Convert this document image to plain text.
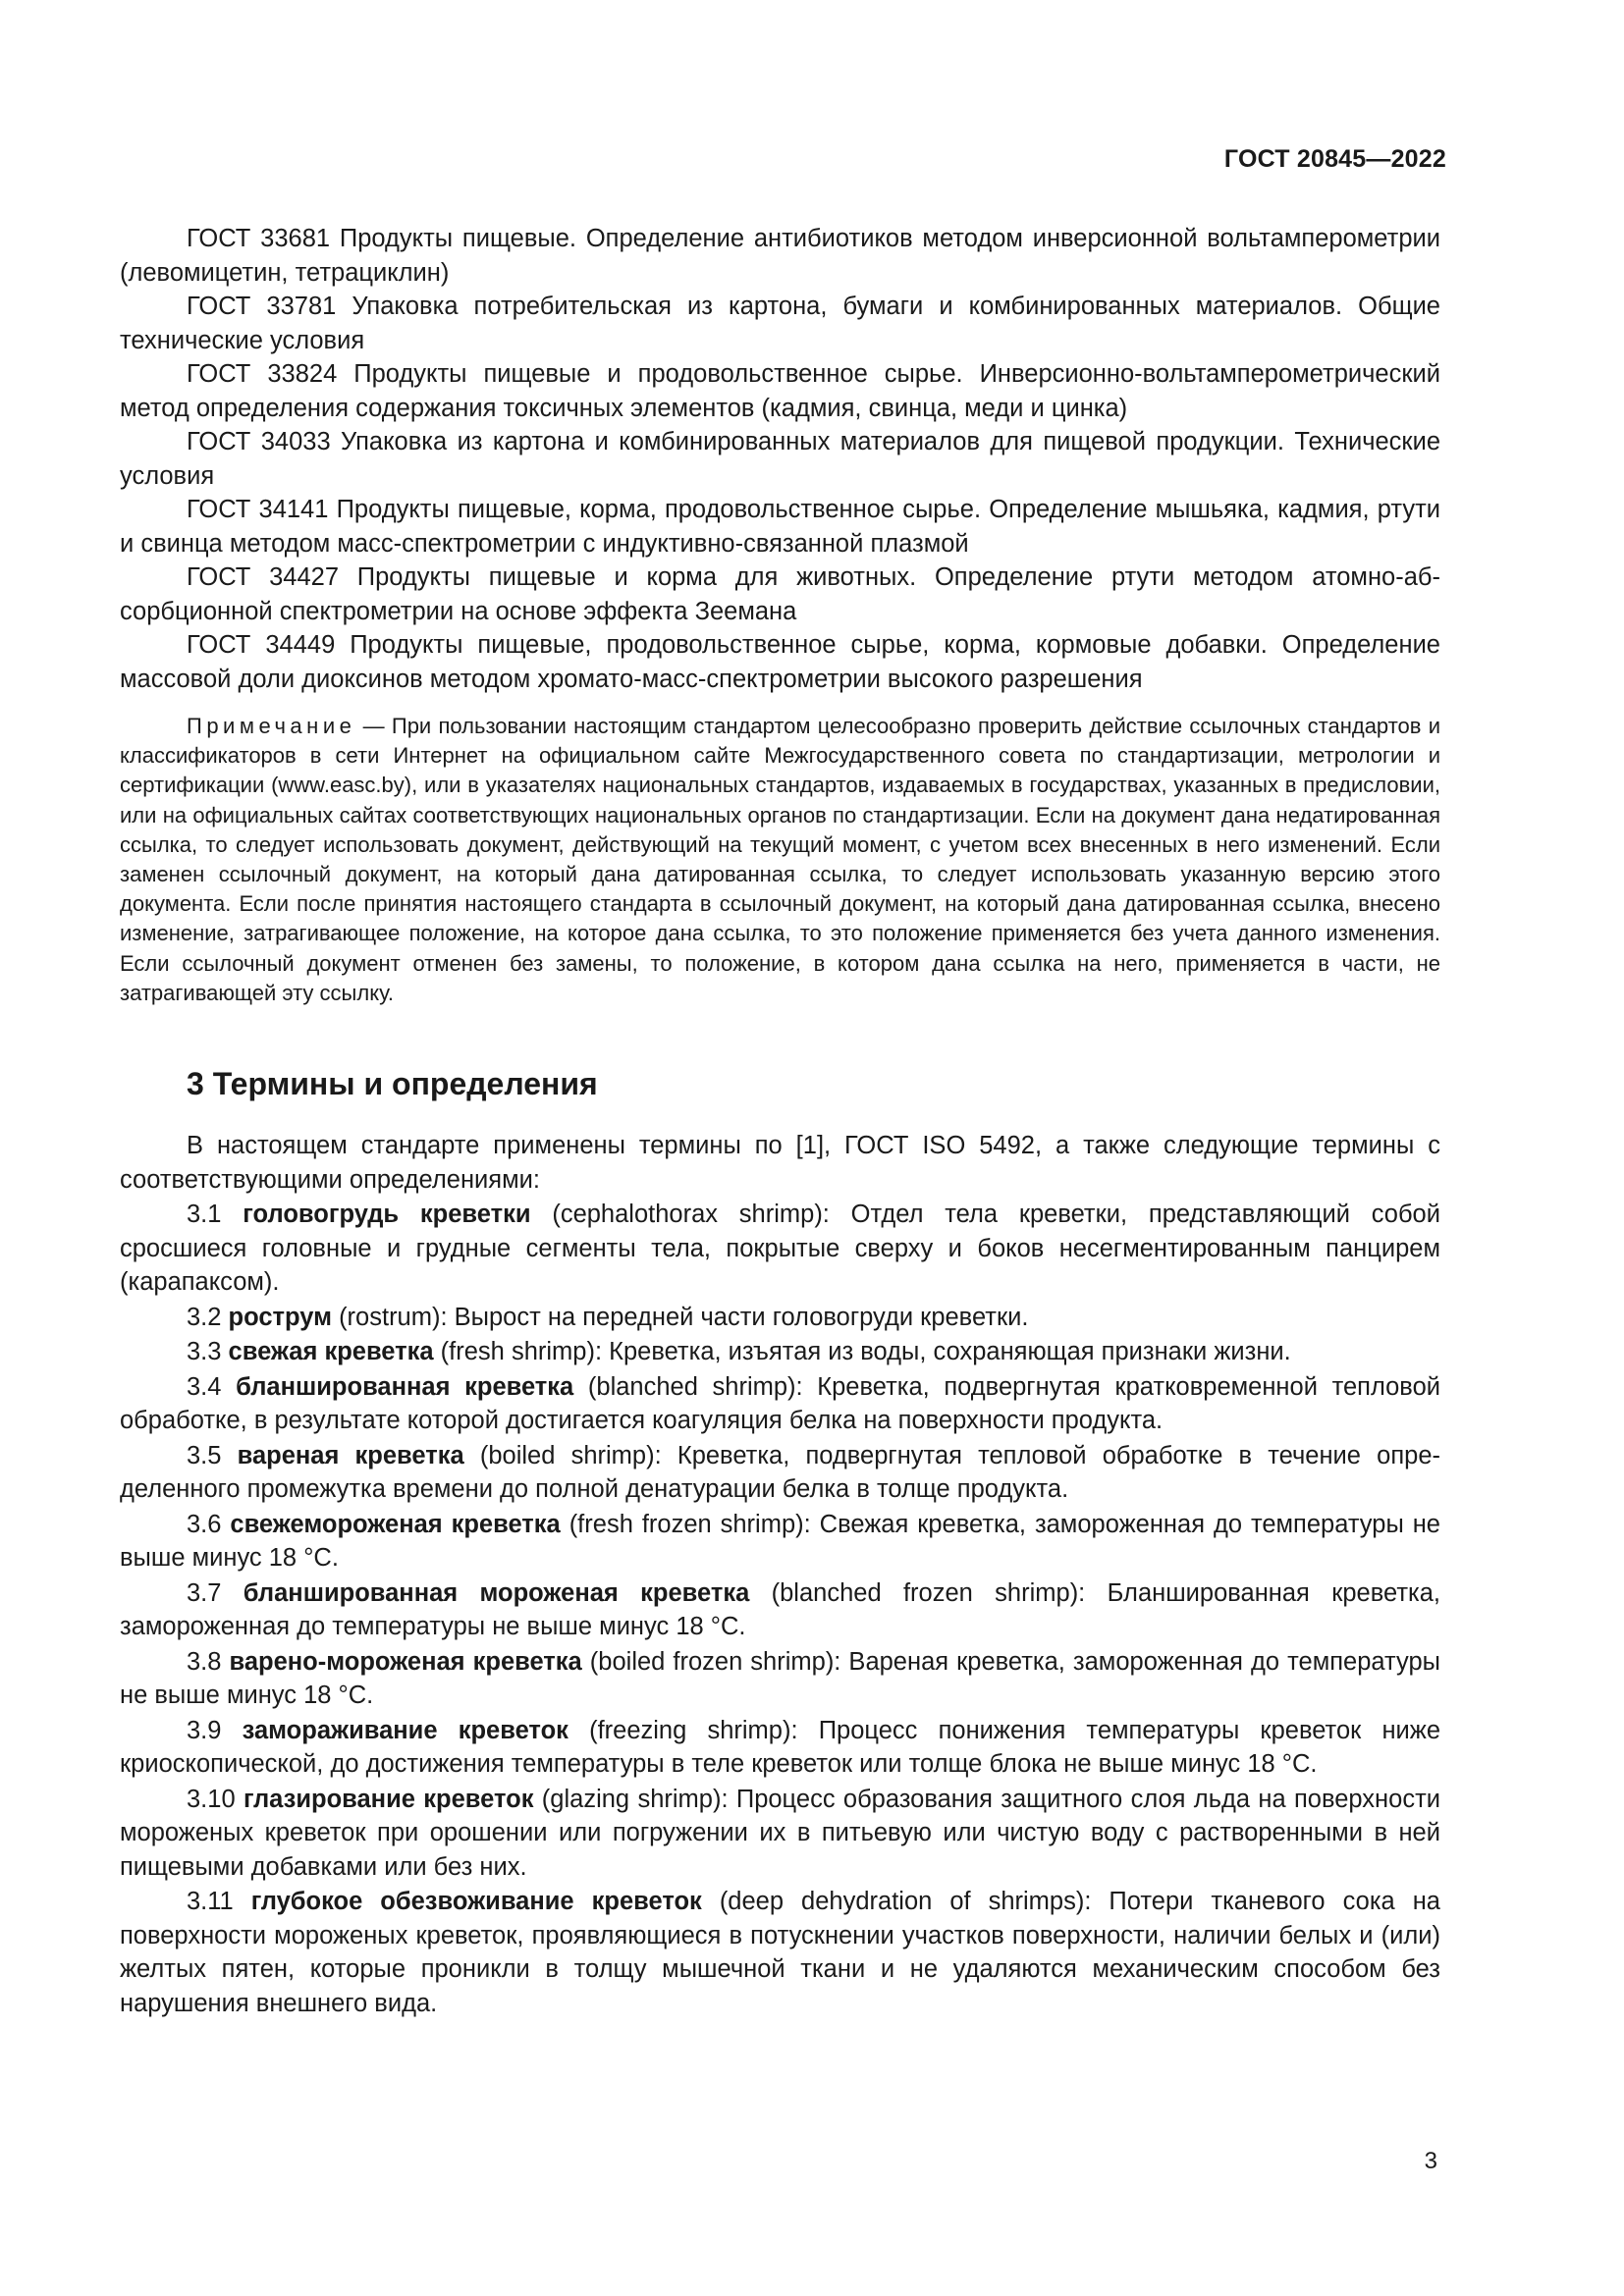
ГОСТ 20845—2022

ГОСТ 33681 Продукты пищевые. Определение антибиотиков методом инверсионной вольтамперометрии (левомицетин, тетрациклин)

ГОСТ 33781 Упаковка потребительская из картона, бумаги и комбинированных материалов. Общие технические условия

ГОСТ 33824 Продукты пищевые и продовольственное сырье. Инверсионно-вольтамперометрический метод определения содержания токсичных элементов (кадмия, свинца, меди и цинка)

ГОСТ 34033 Упаковка из картона и комбинированных материалов для пищевой продукции. Технические условия

ГОСТ 34141 Продукты пищевые, корма, продовольственное сырье. Определение мышьяка, кадмия, ртути и свинца методом масс-спектрометрии с индуктивно-связанной плазмой

ГОСТ 34427 Продукты пищевые и корма для животных. Определение ртути методом атомно-абсорбционной спектрометрии на основе эффекта Зеемана

ГОСТ 34449 Продукты пищевые, продовольственное сырье, корма, кормовые добавки. Определение массовой доли диоксинов методом хромато-масс-спектрометрии высокого разрешения

Примечание — При пользовании настоящим стандартом целесообразно проверить действие ссылочных стандартов и классификаторов в сети Интернет на официальном сайте Межгосударственного совета по стандартизации, метрологии и сертификации (www.easc.by), или в указателях национальных стандартов, издаваемых в государствах, указанных в предисловии, или на официальных сайтах соответствующих национальных органов по стандартизации. Если на документ дана недатированная ссылка, то следует использовать документ, действующий на текущий момент, с учетом всех внесенных в него изменений. Если заменен ссылочный документ, на который дана датированная ссылка, то следует использовать указанную версию этого документа. Если после принятия настоящего стандарта в ссылочный документ, на который дана датированная ссылка, внесено изменение, затрагивающее положение, на которое дана ссылка, то это положение применяется без учета данного изменения. Если ссылочный документ отменен без замены, то положение, в котором дана ссылка на него, применяется в части, не затрагивающей эту ссылку.

3 Термины и определения

В настоящем стандарте применены термины по [1], ГОСТ ISO 5492, а также следующие термины с соответствующими определениями:

3.1 головогрудь креветки (cephalothorax shrimp): Отдел тела креветки, представляющий собой сросшиеся головные и грудные сегменты тела, покрытые сверху и боков несегментированным панцирем (карапаксом).

3.2 рострум (rostrum): Вырост на передней части головогруди креветки.

3.3 свежая креветка (fresh shrimp): Креветка, изъятая из воды, сохраняющая признаки жизни.

3.4 бланшированная креветка (blanched shrimp): Креветка, подвергнутая кратковременной тепловой обработке, в результате которой достигается коагуляция белка на поверхности продукта.

3.5 вареная креветка (boiled shrimp): Креветка, подвергнутая тепловой обработке в течение определенного промежутка времени до полной денатурации белка в толще продукта.

3.6 свежемороженая креветка (fresh frozen shrimp): Свежая креветка, замороженная до температуры не выше минус 18 °С.

3.7 бланшированная мороженая креветка (blanched frozen shrimp): Бланшированная креветка, замороженная до температуры не выше минус 18 °С.

3.8 варено-мороженая креветка (boiled frozen shrimp): Вареная креветка, замороженная до температуры не выше минус 18 °С.

3.9 замораживание креветок (freezing shrimp): Процесс понижения температуры креветок ниже криоскопической, до достижения температуры в теле креветок или толще блока не выше минус 18 °С.

3.10 глазирование креветок (glazing shrimp): Процесс образования защитного слоя льда на поверхности мороженых креветок при орошении или погружении их в питьевую или чистую воду с растворенными в ней пищевыми добавками или без них.

3.11 глубокое обезвоживание креветок (deep dehydration of shrimps): Потери тканевого сока на поверхности мороженых креветок, проявляющиеся в потускнении участков поверхности, наличии белых и (или) желтых пятен, которые проникли в толщу мышечной ткани и не удаляются механическим способом без нарушения внешнего вида.

3
